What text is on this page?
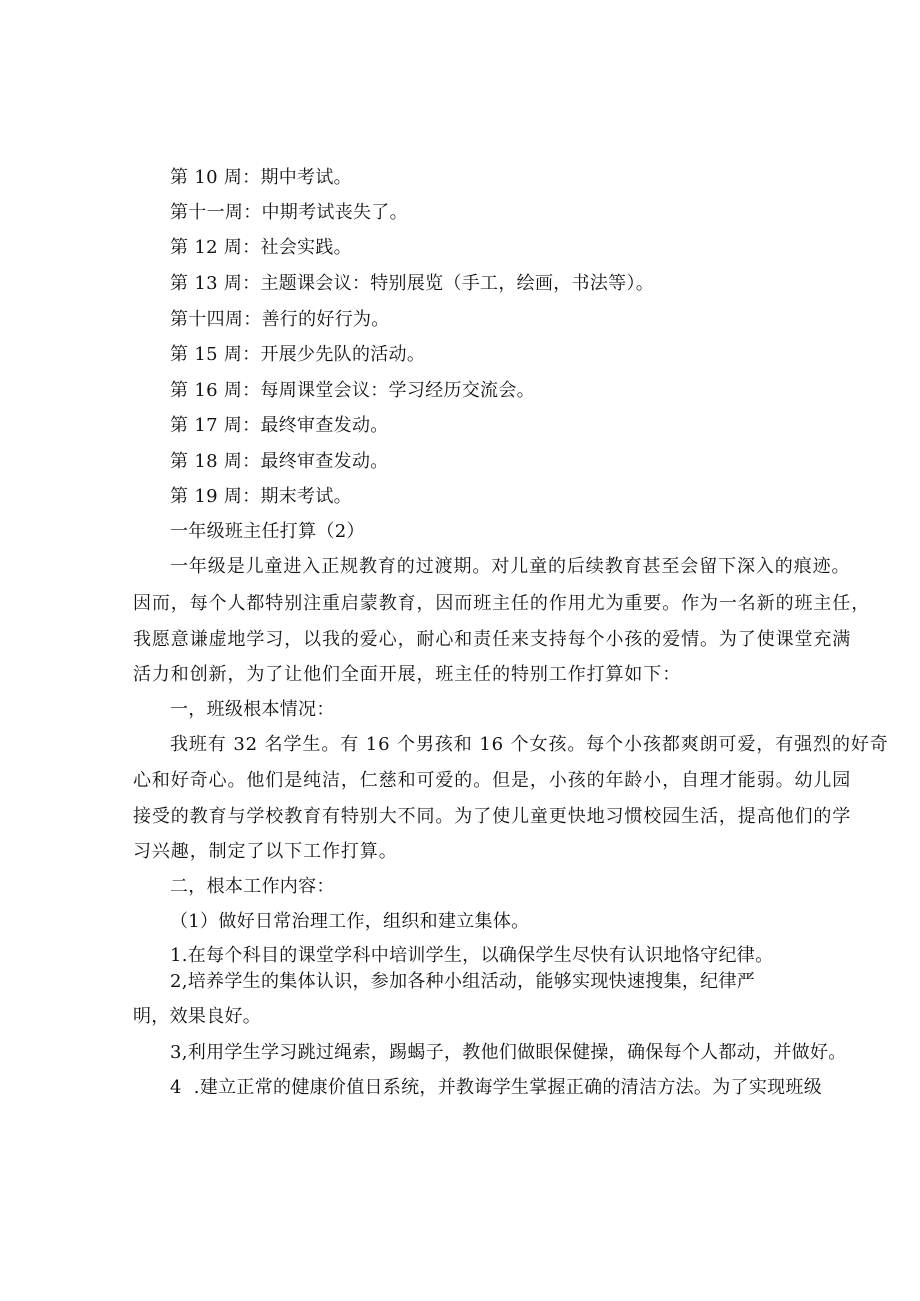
第 10 周：期中考试。
第十一周：中期考试丧失了。
第 12 周：社会实践。
第 13 周：主题课会议：特别展览（手工，绘画，书法等）。
第十四周：善行的好行为。
第 15 周：开展少先队的活动。
第 16 周：每周课堂会议：学习经历交流会。
第 17 周：最终审查发动。
第 18 周：最终审查发动。
第 19 周：期末考试。
一年级班主任打算（2）
一年级是儿童进入正规教育的过渡期。对儿童的后续教育甚至会留下深入的痕迹。
因而，每个人都特别注重启蒙教育，因而班主任的作用尤为重要。作为一名新的班主任，
我愿意谦虚地学习，以我的爱心，耐心和责任来支持每个小孩的爱情。为了使课堂充满
活力和创新，为了让他们全面开展，班主任的特别工作打算如下：
一，班级根本情况：
我班有 32 名学生。有 16 个男孩和 16 个女孩。每个小孩都爽朗可爱，有强烈的好奇
心和好奇心。他们是纯洁，仁慈和可爱的。但是，小孩的年龄小，自理才能弱。幼儿园
接受的教育与学校教育有特别大不同。为了使儿童更快地习惯校园生活，提高他们的学
习兴趣，制定了以下工作打算。
二，根本工作内容：
（1）做好日常治理工作，组织和建立集体。
1.在每个科目的课堂学科中培训学生，以确保学生尽快有认识地恪守纪律。
2,培养学生的集体认识，参加各种小组活动，能够实现快速搜集，纪律严
明，效果良好。
3,利用学生学习跳过绳索，踢蝎子，教他们做眼保健操，确保每个人都动，并做好。
4  .建立正常的健康价值日系统，并教诲学生掌握正确的清洁方法。为了实现班级
